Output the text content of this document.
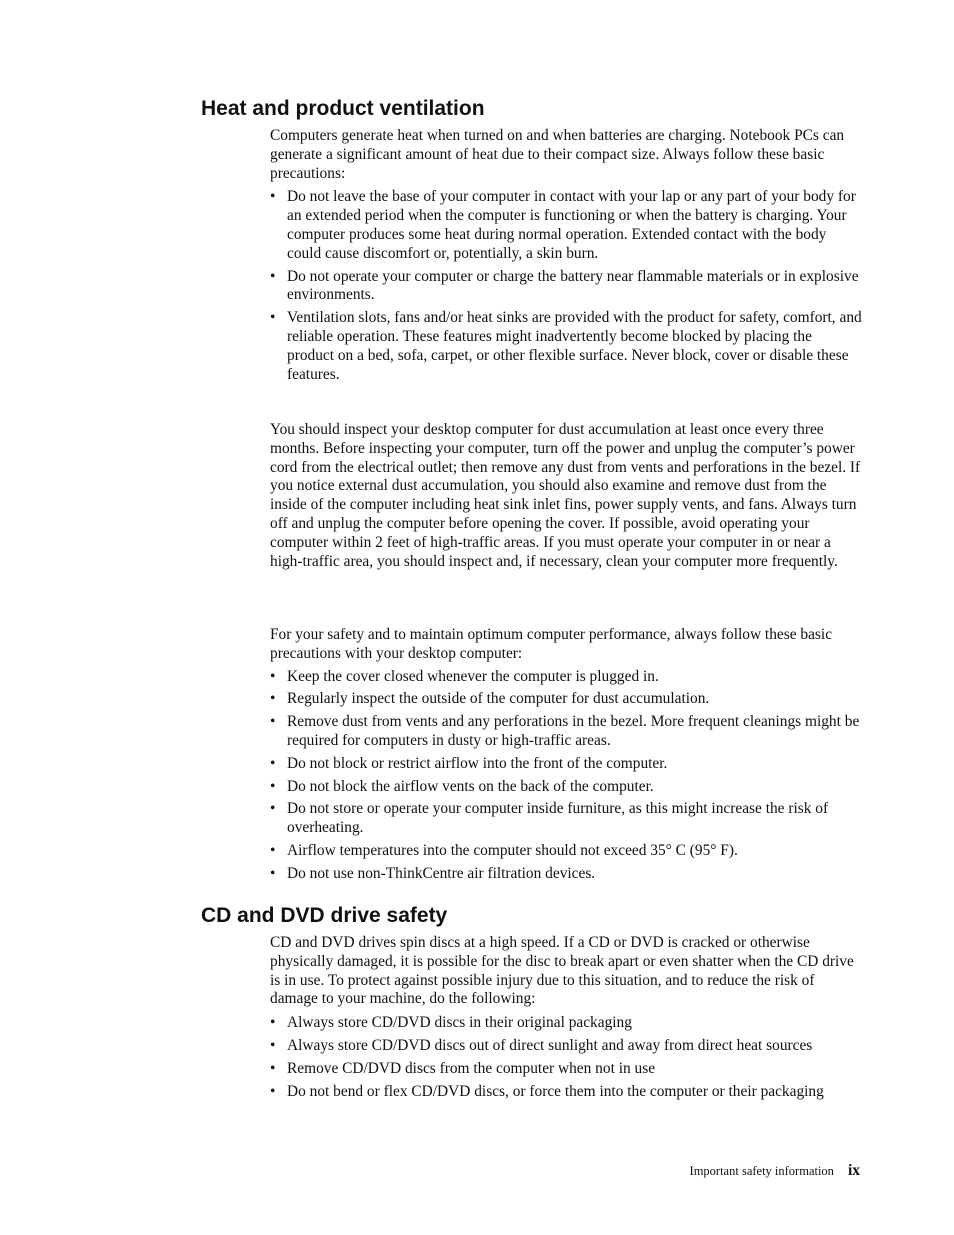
Heat and product ventilation

Computers generate heat when turned on and when batteries are charging. Notebook PCs can generate a significant amount of heat due to their compact size. Always follow these basic precautions:

• Do not leave the base of your computer in contact with your lap or any part of your body for an extended period when the computer is functioning or when the battery is charging. Your computer produces some heat during normal operation. Extended contact with the body could cause discomfort or, potentially, a skin burn.
• Do not operate your computer or charge the battery near flammable materials or in explosive environments.
• Ventilation slots, fans and/or heat sinks are provided with the product for safety, comfort, and reliable operation. These features might inadvertently become blocked by placing the product on a bed, sofa, carpet, or other flexible surface. Never block, cover or disable these features.

You should inspect your desktop computer for dust accumulation at least once every three months. Before inspecting your computer, turn off the power and unplug the computer’s power cord from the electrical outlet; then remove any dust from vents and perforations in the bezel. If you notice external dust accumulation, you should also examine and remove dust from the inside of the computer including heat sink inlet fins, power supply vents, and fans. Always turn off and unplug the computer before opening the cover. If possible, avoid operating your computer within 2 feet of high-traffic areas. If you must operate your computer in or near a high-traffic area, you should inspect and, if necessary, clean your computer more frequently.

For your safety and to maintain optimum computer performance, always follow these basic precautions with your desktop computer:

• Keep the cover closed whenever the computer is plugged in.
• Regularly inspect the outside of the computer for dust accumulation.
• Remove dust from vents and any perforations in the bezel. More frequent cleanings might be required for computers in dusty or high-traffic areas.
• Do not block or restrict airflow into the front of the computer.
• Do not block the airflow vents on the back of the computer.
• Do not store or operate your computer inside furniture, as this might increase the risk of overheating.
• Airflow temperatures into the computer should not exceed 35° C (95° F).
• Do not use non-ThinkCentre air filtration devices.
CD and DVD drive safety

CD and DVD drives spin discs at a high speed. If a CD or DVD is cracked or otherwise physically damaged, it is possible for the disc to break apart or even shatter when the CD drive is in use. To protect against possible injury due to this situation, and to reduce the risk of damage to your machine, do the following:

• Always store CD/DVD discs in their original packaging
• Always store CD/DVD discs out of direct sunlight and away from direct heat sources
• Remove CD/DVD discs from the computer when not in use
• Do not bend or flex CD/DVD discs, or force them into the computer or their packaging
Important safety information ix
